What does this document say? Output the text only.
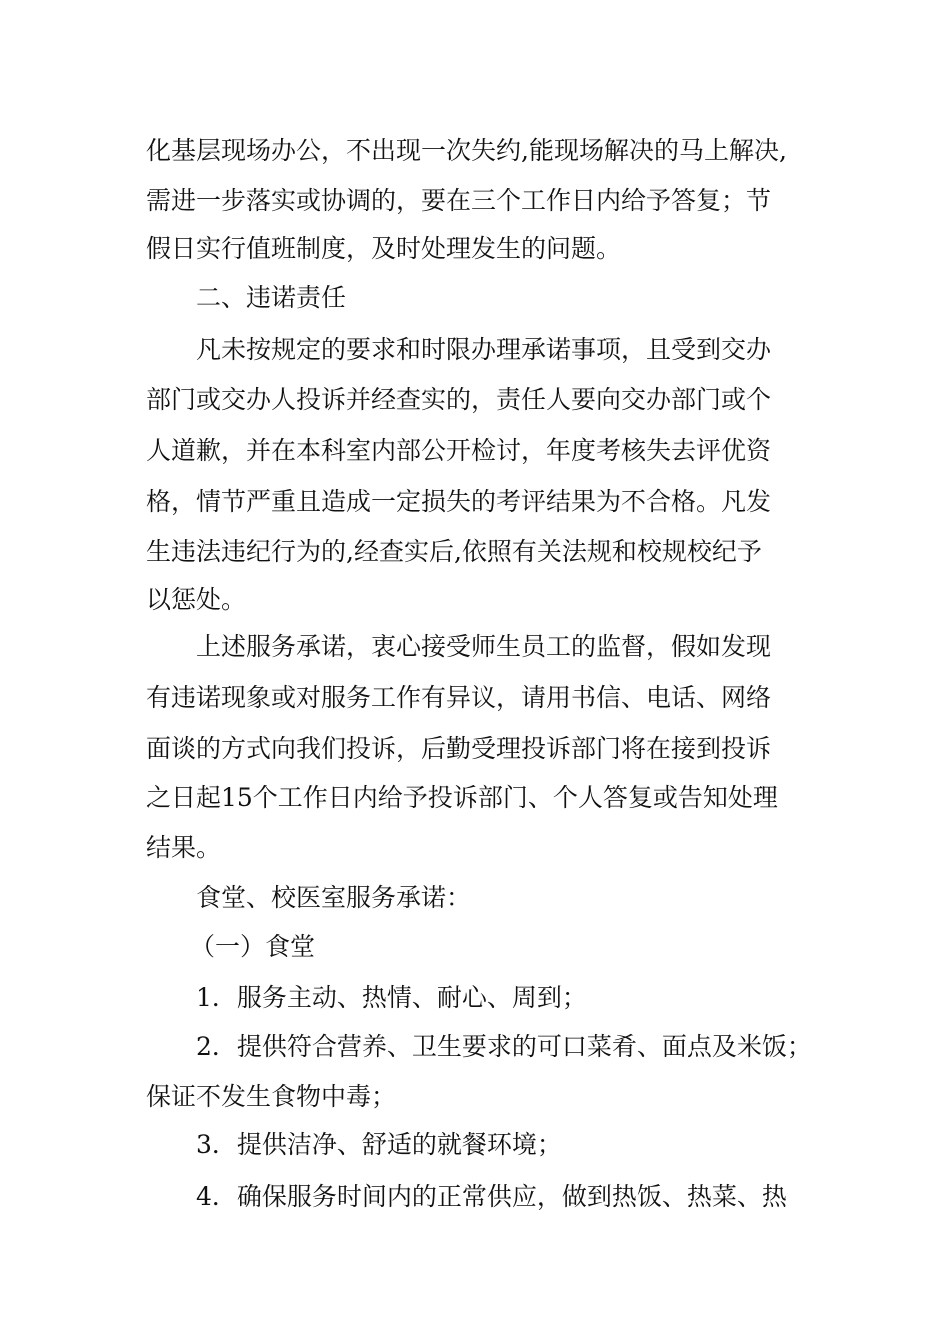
化基层现场办公，不出现一次失约,能现场解决的马上解决,
需进一步落实或协调的，要在三个工作日内给予答复；节
假日实行值班制度，及时处理发生的问题。
二、违诺责任
凡未按规定的要求和时限办理承诺事项，且受到交办
部门或交办人投诉并经查实的，责任人要向交办部门或个
人道歉，并在本科室内部公开检讨，年度考核失去评优资
格，情节严重且造成一定损失的考评结果为不合格。凡发
生违法违纪行为的,经查实后,依照有关法规和校规校纪予
以惩处。
上述服务承诺，衷心接受师生员工的监督，假如发现
有违诺现象或对服务工作有异议，请用书信、电话、网络
面谈的方式向我们投诉，后勤受理投诉部门将在接到投诉
之日起15个工作日内给予投诉部门、个人答复或告知处理
结果。
食堂、校医室服务承诺：
（一）食堂
1．服务主动、热情、耐心、周到；
2．提供符合营养、卫生要求的可口菜肴、面点及米饭；
保证不发生食物中毒；
3．提供洁净、舒适的就餐环境；
4．确保服务时间内的正常供应，做到热饭、热菜、热
